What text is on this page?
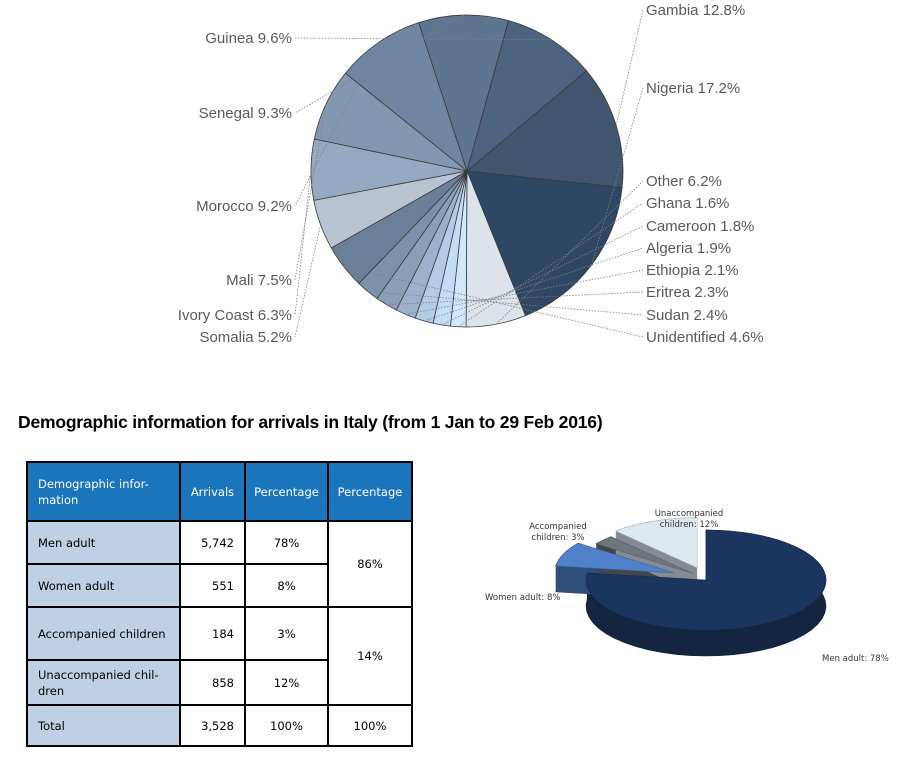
Gambia 12.8%
Nigeria 17.2%
Other 6.2%
Ghana 1.6%
Cameroon 1.8%
Algeria 1.9%
Ethiopia 2.1%
Eritrea 2.3%
Sudan 2.4%
Unidentified 4.6%
Somalia 5.2%
Ivory Coast 6.3%
Mali 7.5%
Morocco 9.2%
Senegal 9.3%
Guinea 9.6%
Demographic information for arrivals in Italy (from 1 Jan to 29 Feb 2016)
Demographic infor-
mation	Arrivals	Percentage	Percentage
Men adult	5,742	78%	86%
Women adult	551	8%	
Accompanied children	184	3%	14%
Unaccompanied chil-
dren	858	12%	
Total	3,528	100%	100%
Men adult: 78%
Women adult: 8%
Accompanied children: 3%
Unaccompanied children: 12%
